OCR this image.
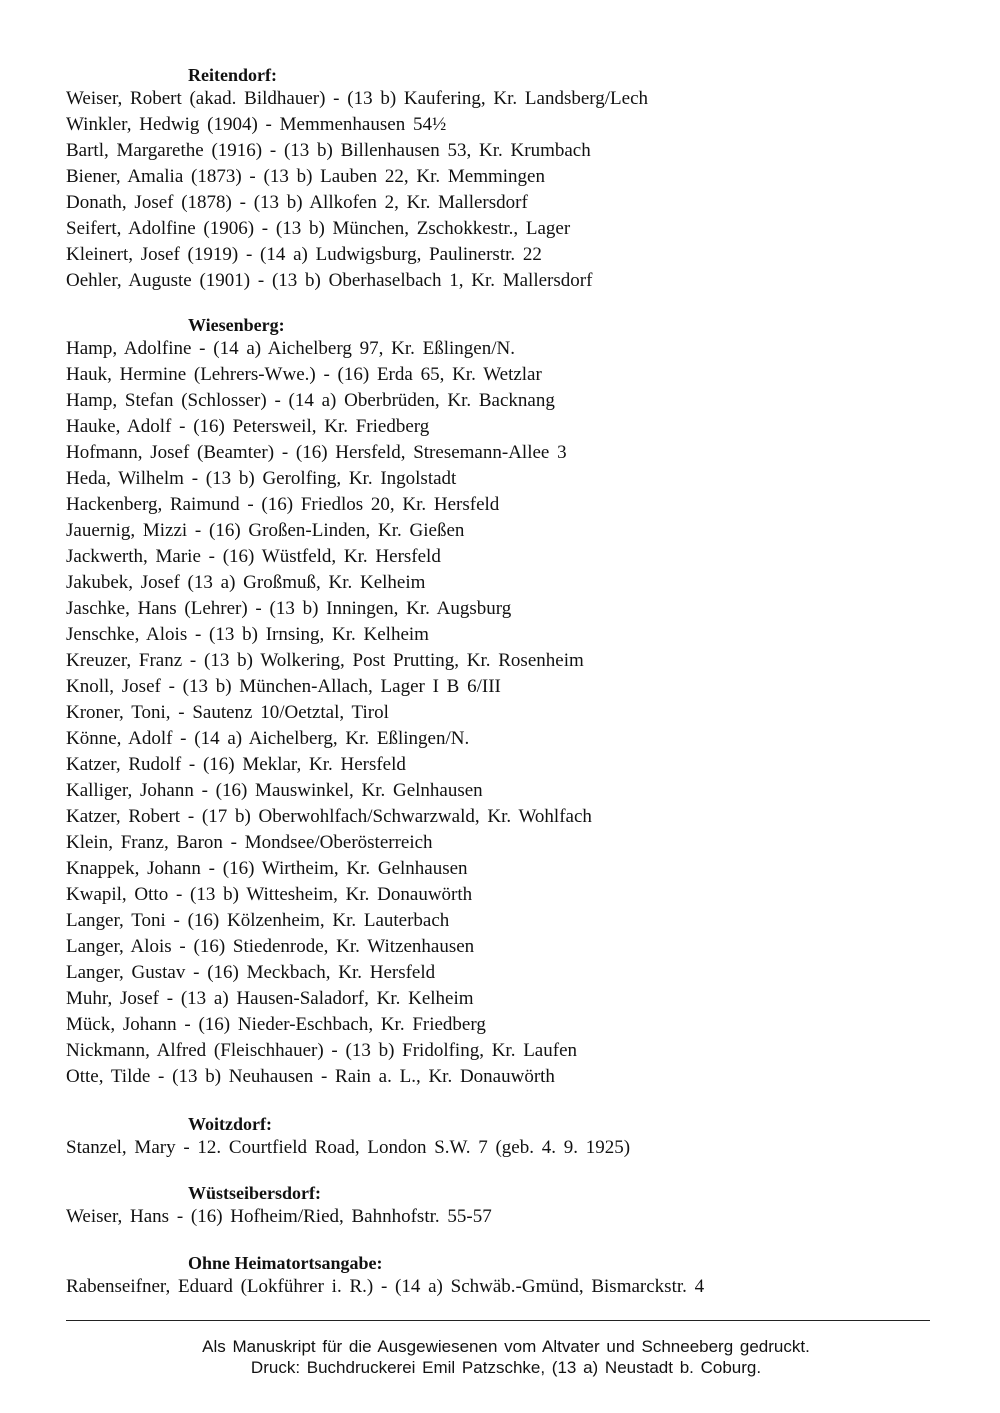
Reitendorf:
Weiser, Robert (akad. Bildhauer) - (13 b) Kaufering, Kr. Landsberg/Lech
Winkler, Hedwig (1904) - Memmenhausen 54½
Bartl, Margarethe (1916) - (13 b) Billenhausen 53, Kr. Krumbach
Biener, Amalia (1873) - (13 b) Lauben 22, Kr. Memmingen
Donath, Josef (1878) - (13 b) Allkofen 2, Kr. Mallersdorf
Seifert, Adolfine (1906) - (13 b) München, Zschokkestr., Lager
Kleinert, Josef (1919) - (14 a) Ludwigsburg, Paulinerstr. 22
Oehler, Auguste (1901) - (13 b) Oberhaselbach 1, Kr. Mallersdorf
Wiesenberg:
Hamp, Adolfine - (14 a) Aichelberg 97, Kr. Eßlingen/N.
Hauk, Hermine (Lehrers-Wwe.) - (16) Erda 65, Kr. Wetzlar
Hamp, Stefan (Schlosser) - (14 a) Oberbrüden, Kr. Backnang
Hauke, Adolf - (16) Petersweil, Kr. Friedberg
Hofmann, Josef (Beamter) - (16) Hersfeld, Stresemann-Allee 3
Heda, Wilhelm - (13 b) Gerolfing, Kr. Ingolstadt
Hackenberg, Raimund - (16) Friedlos 20, Kr. Hersfeld
Jauernig, Mizzi - (16) Großen-Linden, Kr. Gießen
Jackwerth, Marie - (16) Wüstfeld, Kr. Hersfeld
Jakubek, Josef (13 a) Großmuß, Kr. Kelheim
Jaschke, Hans (Lehrer) - (13 b) Inningen, Kr. Augsburg
Jenschke, Alois - (13 b) Irnsing, Kr. Kelheim
Kreuzer, Franz - (13 b) Wolkering, Post Prutting, Kr. Rosenheim
Knoll, Josef - (13 b) München-Allach, Lager I B 6/III
Kroner, Toni, - Sautenz 10/Oetztal, Tirol
Könne, Adolf - (14 a) Aichelberg, Kr. Eßlingen/N.
Katzer, Rudolf - (16) Meklar, Kr. Hersfeld
Kalliger, Johann - (16) Mauswinkel, Kr. Gelnhausen
Katzer, Robert - (17 b) Oberwohlfach/Schwarzwald, Kr. Wohlfach
Klein, Franz, Baron - Mondsee/Oberösterreich
Knappek, Johann - (16) Wirtheim, Kr. Gelnhausen
Kwapil, Otto - (13 b) Wittesheim, Kr. Donauwörth
Langer, Toni - (16) Kölzenheim, Kr. Lauterbach
Langer, Alois - (16) Stiedenrode, Kr. Witzenhausen
Langer, Gustav - (16) Meckbach, Kr. Hersfeld
Muhr, Josef - (13 a) Hausen-Saladorf, Kr. Kelheim
Mück, Johann - (16) Nieder-Eschbach, Kr. Friedberg
Nickmann, Alfred (Fleischhauer) - (13 b) Fridolfing, Kr. Laufen
Otte, Tilde - (13 b) Neuhausen - Rain a. L., Kr. Donauwörth
Woitzdorf:
Stanzel, Mary - 12. Courtfield Road, London S.W. 7 (geb. 4. 9. 1925)
Wüstseibersdorf:
Weiser, Hans - (16) Hofheim/Ried, Bahnhofstr. 55-57
Ohne Heimatortsangabe:
Rabenseifner, Eduard (Lokführer i. R.) - (14 a) Schwäb.-Gmünd, Bismarckstr. 4
Als Manuskript für die Ausgewiesenen vom Altvater und Schneeberg gedruckt.
Druck: Buchdruckerei Emil Patzschke, (13 a) Neustadt b. Coburg.
